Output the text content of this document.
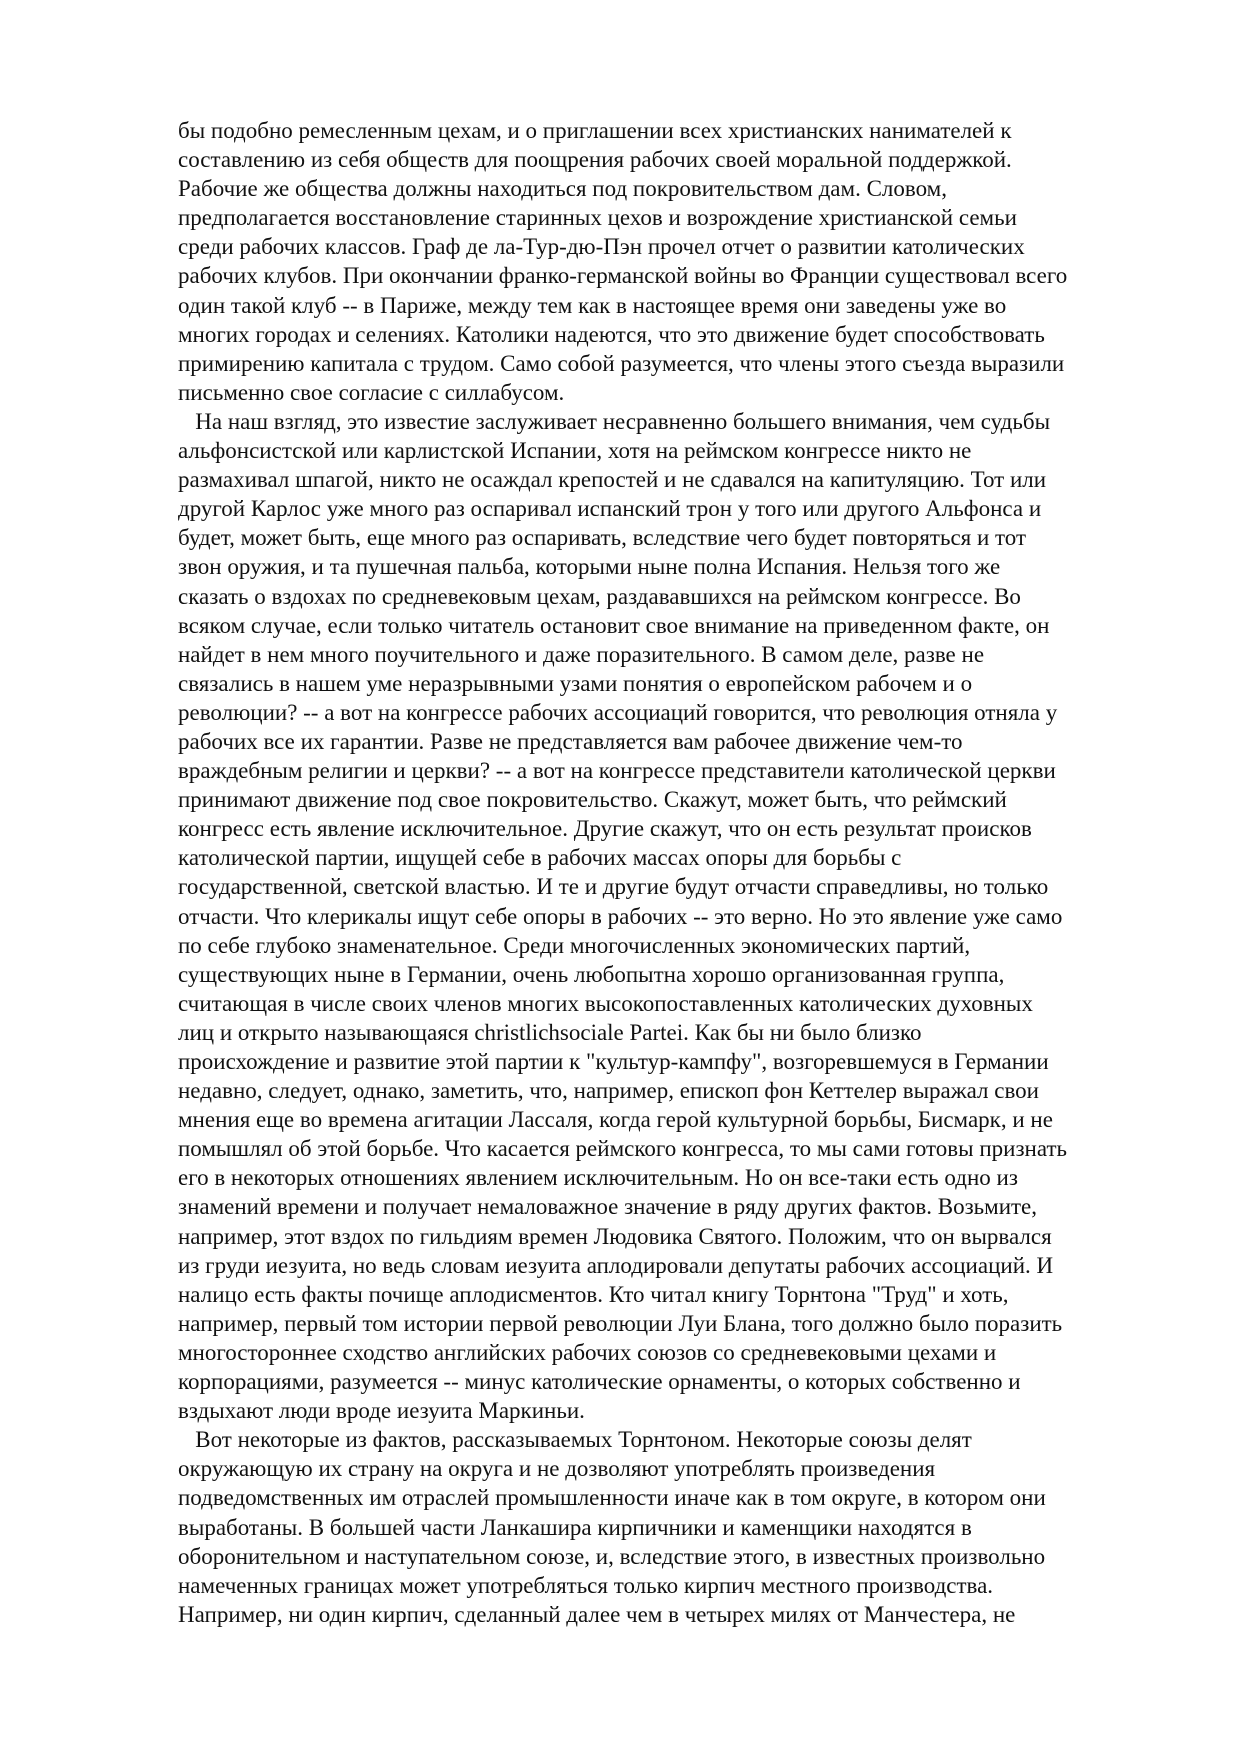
бы подобно ремесленным цехам, и о приглашении всех христианских нанимателей к
составлению из себя обществ для поощрения рабочих своей моральной поддержкой.
Рабочие же общества должны находиться под покровительством дам. Словом,
предполагается восстановление старинных цехов и возрождение христианской семьи
среди рабочих классов. Граф де ла-Тур-дю-Пэн прочел отчет о развитии католических
рабочих клубов. При окончании франко-германской войны во Франции существовал всего
один такой клуб -- в Париже, между тем как в настоящее время они заведены уже во
многих городах и селениях. Католики надеются, что это движение будет способствовать
примирению капитала с трудом. Само собой разумеется, что члены этого съезда выразили
письменно свое согласие с силлабусом.
На наш взгляд, это известие заслуживает несравненно большего внимания, чем судьбы
альфонсистской или карлистской Испании, хотя на реймском конгрессе никто не
размахивал шпагой, никто не осаждал крепостей и не сдавался на капитуляцию. Тот или
другой Карлос уже много раз оспаривал испанский трон у того или другого Альфонса и
будет, может быть, еще много раз оспаривать, вследствие чего будет повторяться и тот
звон оружия, и та пушечная пальба, которыми ныне полна Испания. Нельзя того же
сказать о вздохах по средневековым цехам, раздававшихся на реймском конгрессе. Во
всяком случае, если только читатель остановит свое внимание на приведенном факте, он
найдет в нем много поучительного и даже поразительного. В самом деле, разве не
связались в нашем уме неразрывными узами понятия о европейском рабочем и о
революции? -- а вот на конгрессе рабочих ассоциаций говорится, что революция отняла у
рабочих все их гарантии. Разве не представляется вам рабочее движение чем-то
враждебным религии и церкви? -- а вот на конгрессе представители католической церкви
принимают движение под свое покровительство. Скажут, может быть, что реймский
конгресс есть явление исключительное. Другие скажут, что он есть результат происков
католической партии, ищущей себе в рабочих массах опоры для борьбы с
государственной, светской властью. И те и другие будут отчасти справедливы, но только
отчасти. Что клерикалы ищут себе опоры в рабочих -- это верно. Но это явление уже само
по себе глубоко знаменательное. Среди многочисленных экономических партий,
существующих ныне в Германии, очень любопытна хорошо организованная группа,
считающая в числе своих членов многих высокопоставленных католических духовных
лиц и открыто называющаяся christlichsociale Partei. Как бы ни было близко
происхождение и развитие этой партии к "культур-кампфу", возгоревшемуся в Германии
недавно, следует, однако, заметить, что, например, епископ фон Кеттелер выражал свои
мнения еще во времена агитации Лассаля, когда герой культурной борьбы, Бисмарк, и не
помышлял об этой борьбе. Что касается реймского конгресса, то мы сами готовы признать
его в некоторых отношениях явлением исключительным. Но он все-таки есть одно из
знамений времени и получает немаловажное значение в ряду других фактов. Возьмите,
например, этот вздох по гильдиям времен Людовика Святого. Положим, что он вырвался
из груди иезуита, но ведь словам иезуита аплодировали депутаты рабочих ассоциаций. И
налицо есть факты почище аплодисментов. Кто читал книгу Торнтона "Труд" и хоть,
например, первый том истории первой революции Луи Блана, того должно было поразить
многостороннее сходство английских рабочих союзов со средневековыми цехами и
корпорациями, разумеется -- минус католические орнаменты, о которых собственно и
вздыхают люди вроде иезуита Маркиньи.
Вот некоторые из фактов, рассказываемых Торнтоном. Некоторые союзы делят
окружающую их страну на округа и не дозволяют употреблять произведения
подведомственных им отраслей промышленности иначе как в том округе, в котором они
выработаны. В большей части Ланкашира кирпичники и каменщики находятся в
оборонительном и наступательном союзе, и, вследствие этого, в известных произвольно
намеченных границах может употребляться только кирпич местного производства.
Например, ни один кирпич, сделанный далее чем в четырех милях от Манчестера, не
